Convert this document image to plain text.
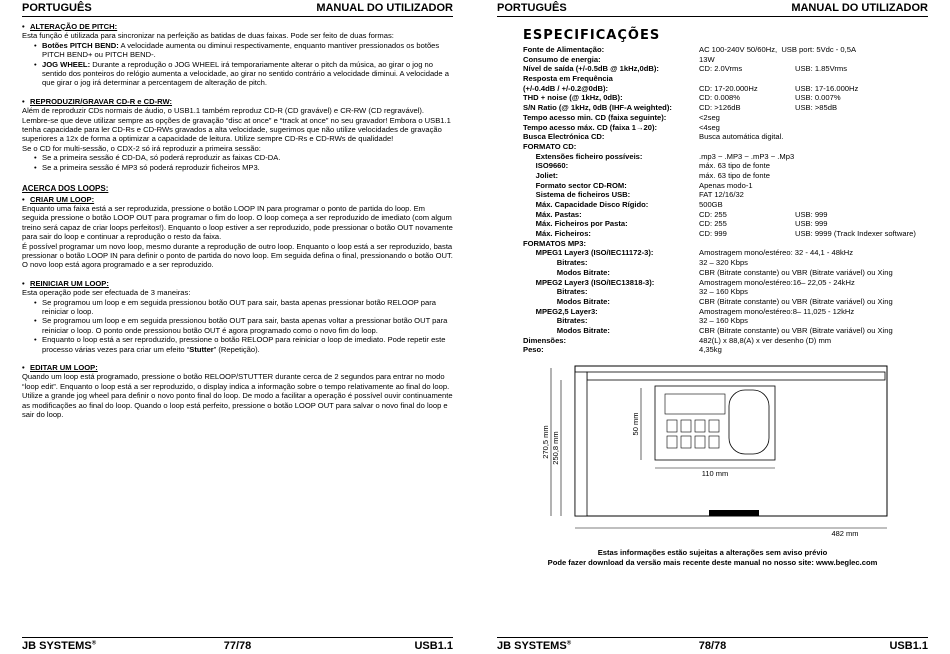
PORTUGUÊS	MANUAL DO UTILIZADOR
• ALTERAÇÃO DE PITCH:

Esta função é utilizada para sincronizar na perfeição as batidas de duas faixas. Pode ser feito de duas formas:

• Botões PITCH BEND: A velocidade aumenta ou diminui respectivamente, enquanto mantiver pressionados os botões PITCH BEND+ ou PITCH BEND-.
• JOG WHEEL: Durante a reprodução o JOG WHEEL irá temporariamente alterar o pitch da música, ao girar o jog no sentido dos ponteiros do relógio aumenta a velocidade, ao girar no sentido contrário a velocidade diminui. A velocidade a que girar o jog irá determinar a percentagem de alteração de pitch.
• REPRODUZIR/GRAVAR CD-R e CD-RW:

Além de reproduzir CDs normais de áudio, o USB1.1 também reproduz CD-R (CD gravável) e CR-RW (CD regravável). Lembre-se que deve utilizar sempre as opções de gravação “disc at once” e “track at once” no seu gravador! Embora o USB1.1 tenha capacidade para ler CD-Rs e CD-RWs gravados a alta velocidade, sugerimos que não utilize velocidades de gravação superiores a 12x de forma a optimizar a capacidade de leitura. Utilize sempre CD-Rs e CD-RWs de qualidade!

Se o CD for multi-sessão, o CDX-2 só irá reproduzir a primeira sessão:

• Se a primeira sessão é CD-DA, só poderá reproduzir as faixas CD-DA.
• Se a primeira sessão é MP3 só poderá reproduzir ficheiros MP3.
ACERCA DOS LOOPS:
• CRIAR UM LOOP:

Enquanto uma faixa está a ser reproduzida, pressione o botão LOOP IN para programar o ponto de partida do loop. Em seguida pressione o botão LOOP OUT para programar o fim do loop. O loop começa a ser reproduzido de imediato (com algum treino será capaz de criar loops perfeitos!). Enquanto o loop estiver a ser reproduzido, pode pressionar o botão OUT novamente para sair do loop e continuar a reprodução o resto da faixa.

É possível programar um novo loop, mesmo durante a reprodução de outro loop. Enquanto o loop está a ser reproduzido, basta pressionar o botão LOOP IN para definir o ponto de partida do novo loop. Em seguida defina o final, pressionando o botão OUT. O novo loop está agora programado e a ser reproduzido.

• REINICIAR UM LOOP:

Esta operação pode ser efectuada de 3 maneiras:

• Se programou um loop e em seguida pressionou botão OUT para sair, basta apenas pressionar botão RELOOP para reiniciar o loop.
• Se programou um loop e em seguida pressionou botão OUT para sair, basta apenas voltar a pressionar botão OUT para reiniciar o loop. O ponto onde pressionou botão OUT é agora programado como o novo fim do loop.
• Enquanto o loop está a ser reproduzido, pressione o botão RELOOP para reiniciar o loop de imediato. Pode repetir este processo várias vezes para criar um efeito “Stutter” (Repetição).
• EDITAR UM LOOP:

Quando um loop está programado, pressione o botão RELOOP/STUTTER durante cerca de 2 segundos para entrar no modo “loop edit”. Enquanto o loop está a ser reproduzido, o display indica a informação sobre o tempo relativamente ao final do loop. Utilize a grande jog wheel para definir o novo ponto final do loop. De modo a facilitar a operação é possível ouvir continuamente as modificações ao final do loop. Quando o loop está perfeito, pressione o botão LOOP OUT para salvar o novo final do loop e sair do loop.

77/78
JB SYSTEMS®	USB1.1
PORTUGUÊS	MANUAL DO UTILIZADOR
ESPECIFICAÇÕES
Fonte de Alimentação:	AC 100-240V 50/60Hz,  USB port: 5Vdc - 0,5A
Consumo de energia:	13W
Nível de saída (+/-0.5dB @ 1kHz,0dB):	CD: 2.0Vrms	USB: 1.85Vrms
Resposta em Frequência
(+/-0.4dB / +/-0.2@0dB):	CD: 17-20.000Hz	USB: 17-16.000Hz
THD + noise (@ 1kHz, 0dB):	CD: 0.008%	USB: 0.007%
S/N Ratio (@ 1kHz, 0dB (IHF-A weighted):	CD: >126dB	USB: >85dB
Tempo acesso min. CD (faixa seguinte):	<2seg
Tempo acesso máx. CD (faixa 1→20):	<4seg
Busca Electrónica CD:	Busca automática digital.
FORMATO CD:
Extensões ficheiro possíveis:	.mp3 ~ .MP3 ~ .mP3 ~ .Mp3
ISO9660:	máx. 63 tipo de fonte
Joliet:	máx. 63 tipo de fonte
Formato sector CD-ROM:	Apenas modo-1
Sistema de ficheiros USB:	FAT 12/16/32
Máx. Capacidade Disco Rígido:	500GB
Máx. Pastas:	CD: 255	USB: 999
Máx. Ficheiros por Pasta:	CD: 255	USB: 999
Máx. Ficheiros:	CD: 999	USB: 9999 (Track Indexer software)
FORMATOS MP3:
MPEG1 Layer3 (ISO/IEC11172-3):	Amostragem mono/estéreo: 32 - 44,1 - 48kHz
Bitrates:	32 – 320 Kbps
Modos Bitrate:	CBR (Bitrate constante) ou VBR (Bitrate variável) ou Xing
MPEG2 Layer3 (ISO/IEC13818-3):	Amostragem mono/estéreo:16– 22,05 - 24kHz
Bitrates:	32 – 160 Kbps
Modos Bitrate:	CBR (Bitrate constante) ou VBR (Bitrate variável) ou Xing
MPEG2,5 Layer3:	Amostragem mono/estéreo:8– 11,025 - 12kHz
Bitrates:	32 – 160 Kbps
Modos Bitrate:	CBR (Bitrate constante) ou VBR (Bitrate variável) ou Xing
Dimensões:	482(L) x 88,8(A) x ver desenho (D) mm
Peso:	4,35kg
270,5 mm 250,8 mm
50 mm
110 mm
482 mm
Estas informações estão sujeitas a alterações sem aviso prévio
Pode fazer download da versão mais recente deste manual no nosso site: www.beglec.com
78/78
JB SYSTEMS®	USB1.1
